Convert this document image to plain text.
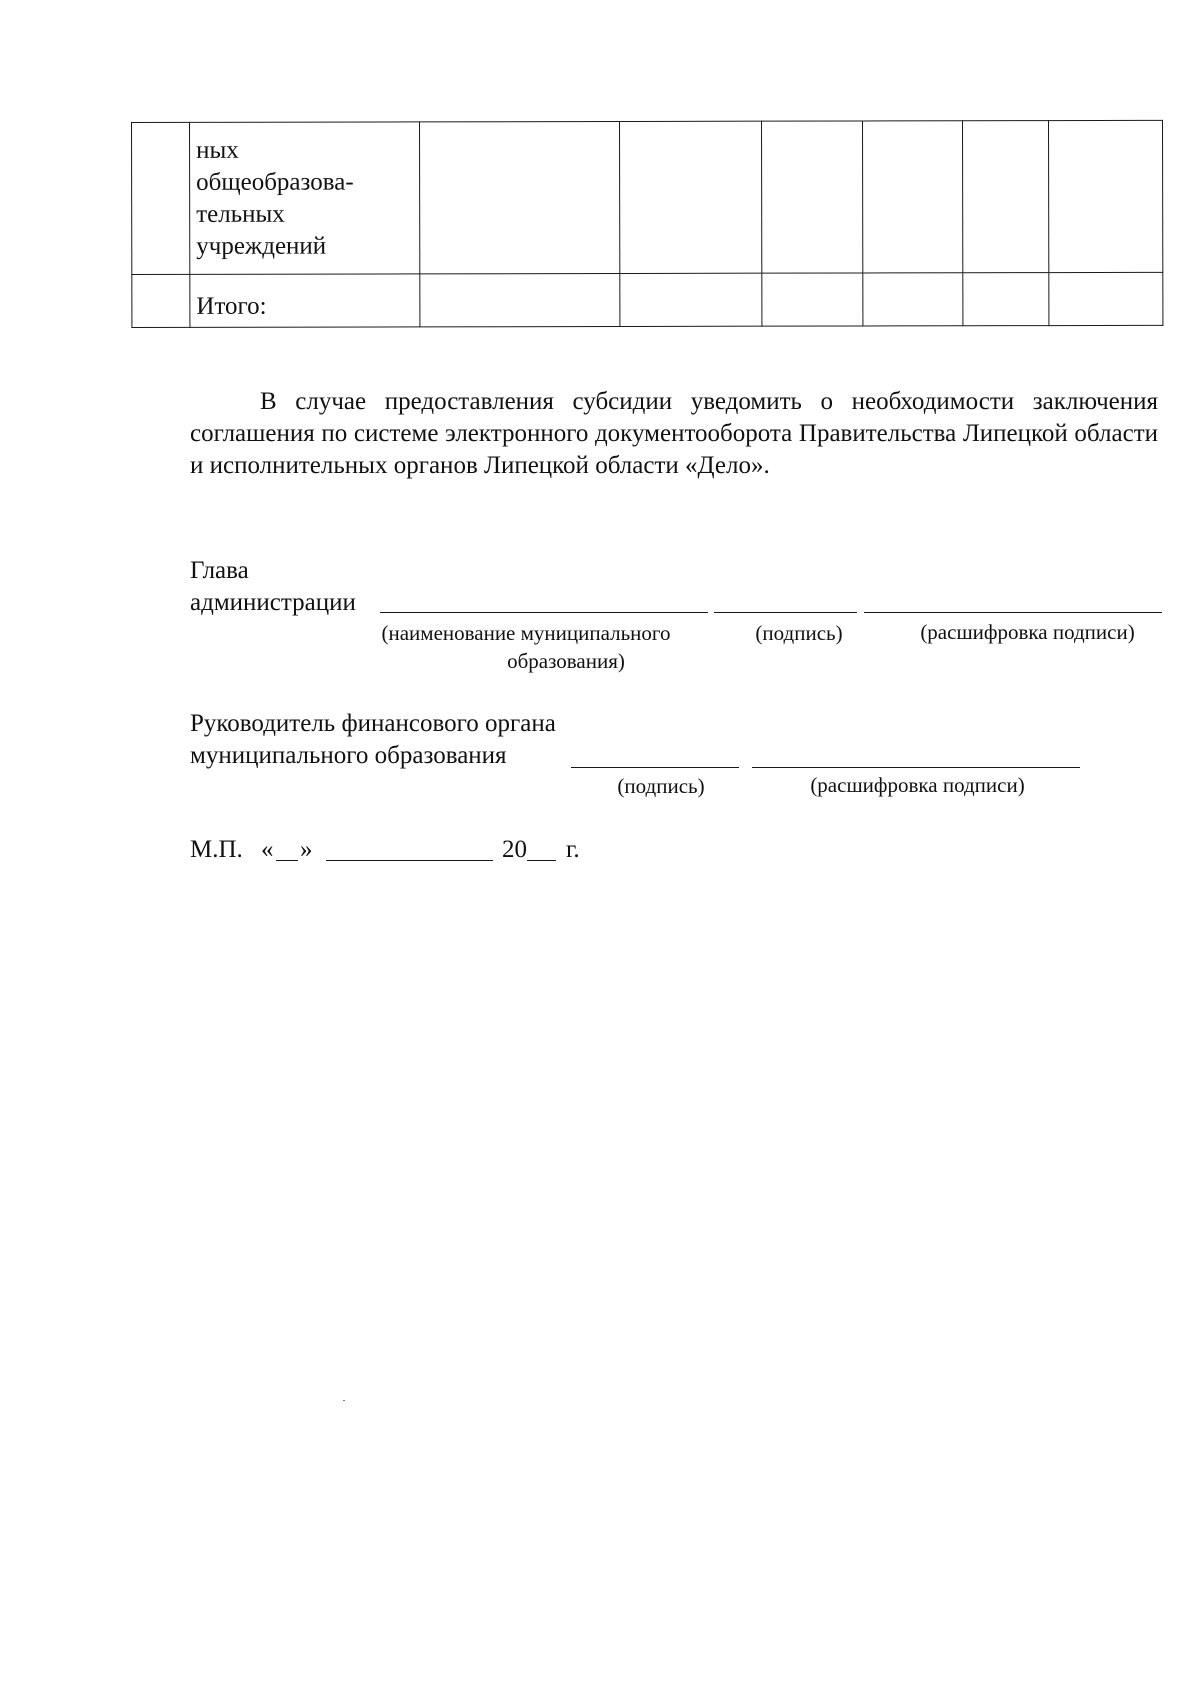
	ных
общеобразова-
тельных
учреждений						

	Итого:						

В случае предоставления субсидии уведомить о необходимости заключения соглашения по системе электронного документооборота Правительства Липецкой области и исполнительных органов Липецкой области «Дело».

Глава
администрации
(наименование муниципального
образования)
(подпись)	(расшифровка подписи)
Руководитель финансового органа
муниципального образования
(подпись)	(расшифровка подписи)
М.П. « »	20 г.
